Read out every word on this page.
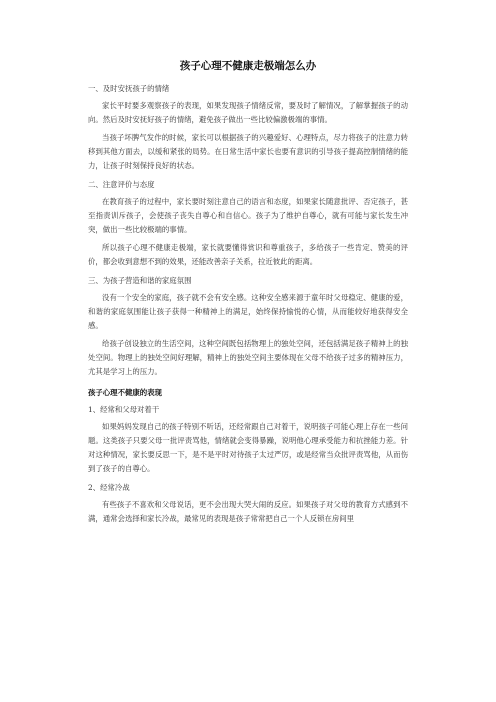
孩子心理不健康走极端怎么办
一、及时安抚孩子的情绪
家长平时要多观察孩子的表现，如果发现孩子情绪反常，要及时了解情况，了解掌握孩子的动向。然后及时安抚好孩子的情绪，避免孩子做出一些比较偏激极端的事情。
当孩子坏脾气发作的时候，家长可以根据孩子的兴趣爱好、心理特点，尽力将孩子的注意力转移到其他方面去，以缓和紧张的局势。在日常生活中家长也要有意识的引导孩子提高控制情绪的能力，让孩子时刻保持良好的状态。
二、注意评价与态度
在教育孩子的过程中，家长要时刻注意自己的语言和态度，如果家长随意批评、否定孩子，甚至指责训斥孩子，会使孩子丧失自尊心和自信心。孩子为了维护自尊心，就有可能与家长发生冲突，做出一些比较极端的事情。
所以孩子心理不健康走极端，家长就要懂得赏识和尊重孩子，多给孩子一些肯定、赞美的评价，都会收到意想不到的效果，还能改善亲子关系，拉近彼此的距离。
三、为孩子营造和谐的家庭氛围
没有一个安全的家庭，孩子就不会有安全感。这种安全感来源于童年时父母稳定、健康的爱，和谐的家庭氛围能让孩子获得一种精神上的满足，始终保持愉悦的心情，从而能较好地获得安全感。
给孩子创设独立的生活空间，这种空间既包括物理上的独处空间，还包括满足孩子精神上的独处空间。物理上的独处空间好理解，精神上的独处空间主要体现在父母不给孩子过多的精神压力，尤其是学习上的压力。
孩子心理不健康的表现
1、经常和父母对着干
如果妈妈发现自己的孩子特别不听话，还经常跟自己对着干，说明孩子可能心理上存在一些问题。这类孩子只要父母一批评责骂他，情绪就会变得暴躁，说明他心理承受能力和抗挫能力差。针对这种情况，家长要反思一下，是不是平时对待孩子太过严厉，或是经常当众批评责骂他，从而伤到了孩子的自尊心。
2、经常冷战
有些孩子不喜欢和父母说话，更不会出现大哭大闹的反应。如果孩子对父母的教育方式感到不满，通常会选择和家长冷战，最常见的表现是孩子常常把自己一个人反锁在房间里
